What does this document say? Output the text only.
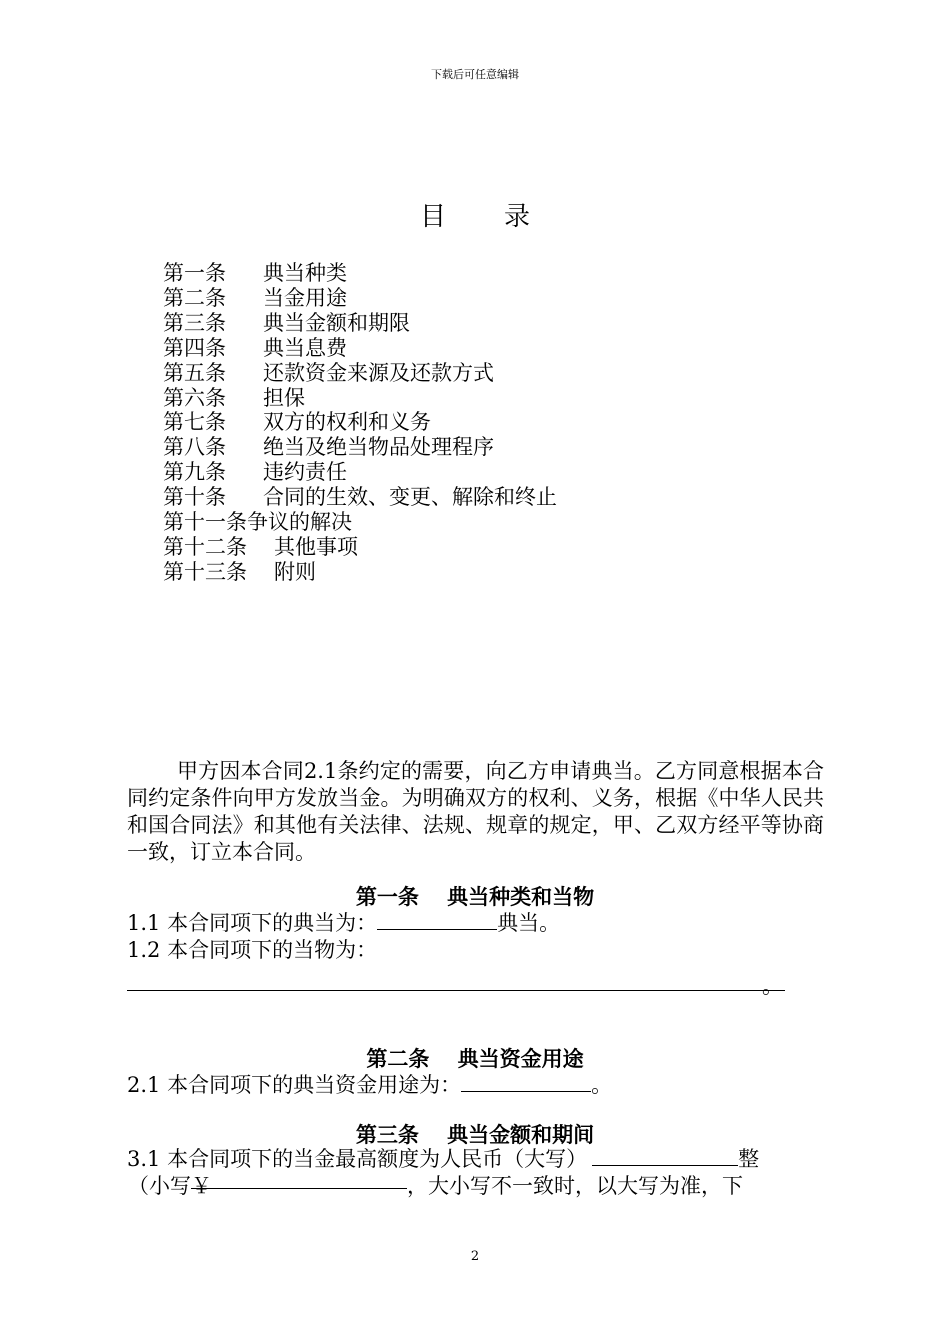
下载后可任意编辑
目 录
第一条 典当种类
第二条 当金用途
第三条 典当金额和期限
第四条 典当息费
第五条 还款资金来源及还款方式
第六条 担保
第七条 双方的权利和义务
第八条 绝当及绝当物品处理程序
第九条 违约责任
第十条 合同的生效、变更、解除和终止
第十一条争议的解决
第十二条 其他事项
第十三条 附则
甲方因本合同2.1条约定的需要，向乙方申请典当。乙方同意根据本合同约定条件向甲方发放当金。为明确双方的权利、义务，根据《中华人民共和国合同法》和其他有关法律、法规、规章的规定，甲、乙双方经平等协商一致，订立本合同。
第一条　 典当种类和当物
1.1 本合同项下的典当为：	典当。
1.2 本合同项下的当物为：
。
第二条　 典当资金用途
2.1 本合同项下的典当资金用途为：	。
第三条　 典当金额和期间
3.1 本合同项下的当金最高额度为人民币（大写）	整
（小写￥	，大小写不一致时，以大写为准，下
2
